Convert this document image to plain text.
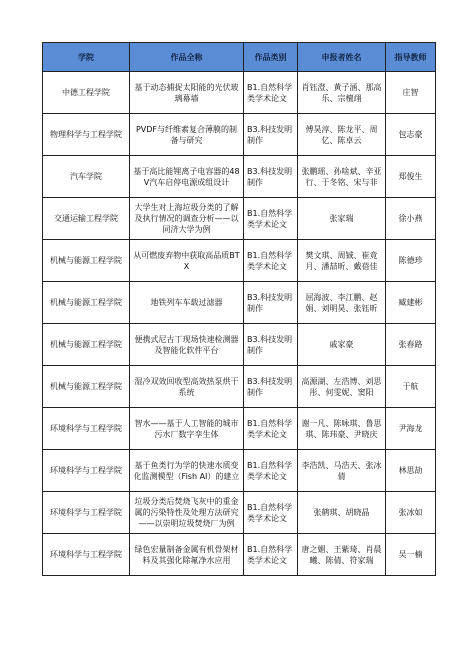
学院	作品全称	作品类别	申报者姓名	指导教师
中德工程学院	基于动态捕捉太阳能的光伏玻璃幕墙	B1.自然科学类学术论文	肖钰澄、黄子涵、那高乐、宗檀翊	庄智
物理科学与工程学院	PVDF与纤维素复合薄膜的制备与研究	B3.科技发明制作	傅昊淳、陈龙平、周亿、陈卓云	包志豪
汽车学院	基于高比能锂离子电容器的48V汽车启停电源成组设计	B3.科技发明制作	张鹏瑶、孙啥斌、辛亚行、于冬铭、宋与非	郑俊生
交通运输工程学院	大学生对上海垃圾分类的了解及执行情况的调查分析——以同济大学为例	B1.自然科学类学术论文	张家瑞	徐小燕
机械与能源工程学院	从可燃废弃物中获取高品质BTX	B1.自然科学类学术论文	樊文琪、周铖、崔竟月、潘喆昕、戴蓓佳	陈德珍
机械与能源工程学院	地铁列车车载过滤器	B3.科技发明制作	屈海波、李江鹏、赵娟、刘明昊、张钰昕	臧建彬
机械与能源工程学院	便携式尼古丁现场快速检测器及智能化软件平台	B3.科技发明制作	戚家豪	张春路
机械与能源工程学院	湿冷双效回收型高效热泵烘干系统	B3.科技发明制作	高源湖、左浩博、刘思彤、何雯妮、窦阳	于航
环境科学与工程学院	智水——基于人工智能的城市污水厂数字孪生体	B1.自然科学类学术论文	谢一凡、陈咏琪、鲁思琪、陈玮豪、尹晓庆	尹海龙
环境科学与工程学院	基于鱼类行为学的快速水质变化监测模型（Fish AI）的建立	B1.自然科学类学术论文	李浩凯、马浩天、张冰倩	林思劼
环境科学与工程学院	垃圾分类后焚烧飞灰中的重金属的污染特性及处理方法研究——以崇明垃圾焚烧厂为例	B1.自然科学类学术论文	张鹤琪、胡晓晶	张冰如
环境科学与工程学院	绿色宏量制备金属有机骨架材料及其强化除氟净水应用	B1.自然科学类学术论文	唐之媚、王紫琦、肖晨曦、陈倩、符家瑞	吴一楠
